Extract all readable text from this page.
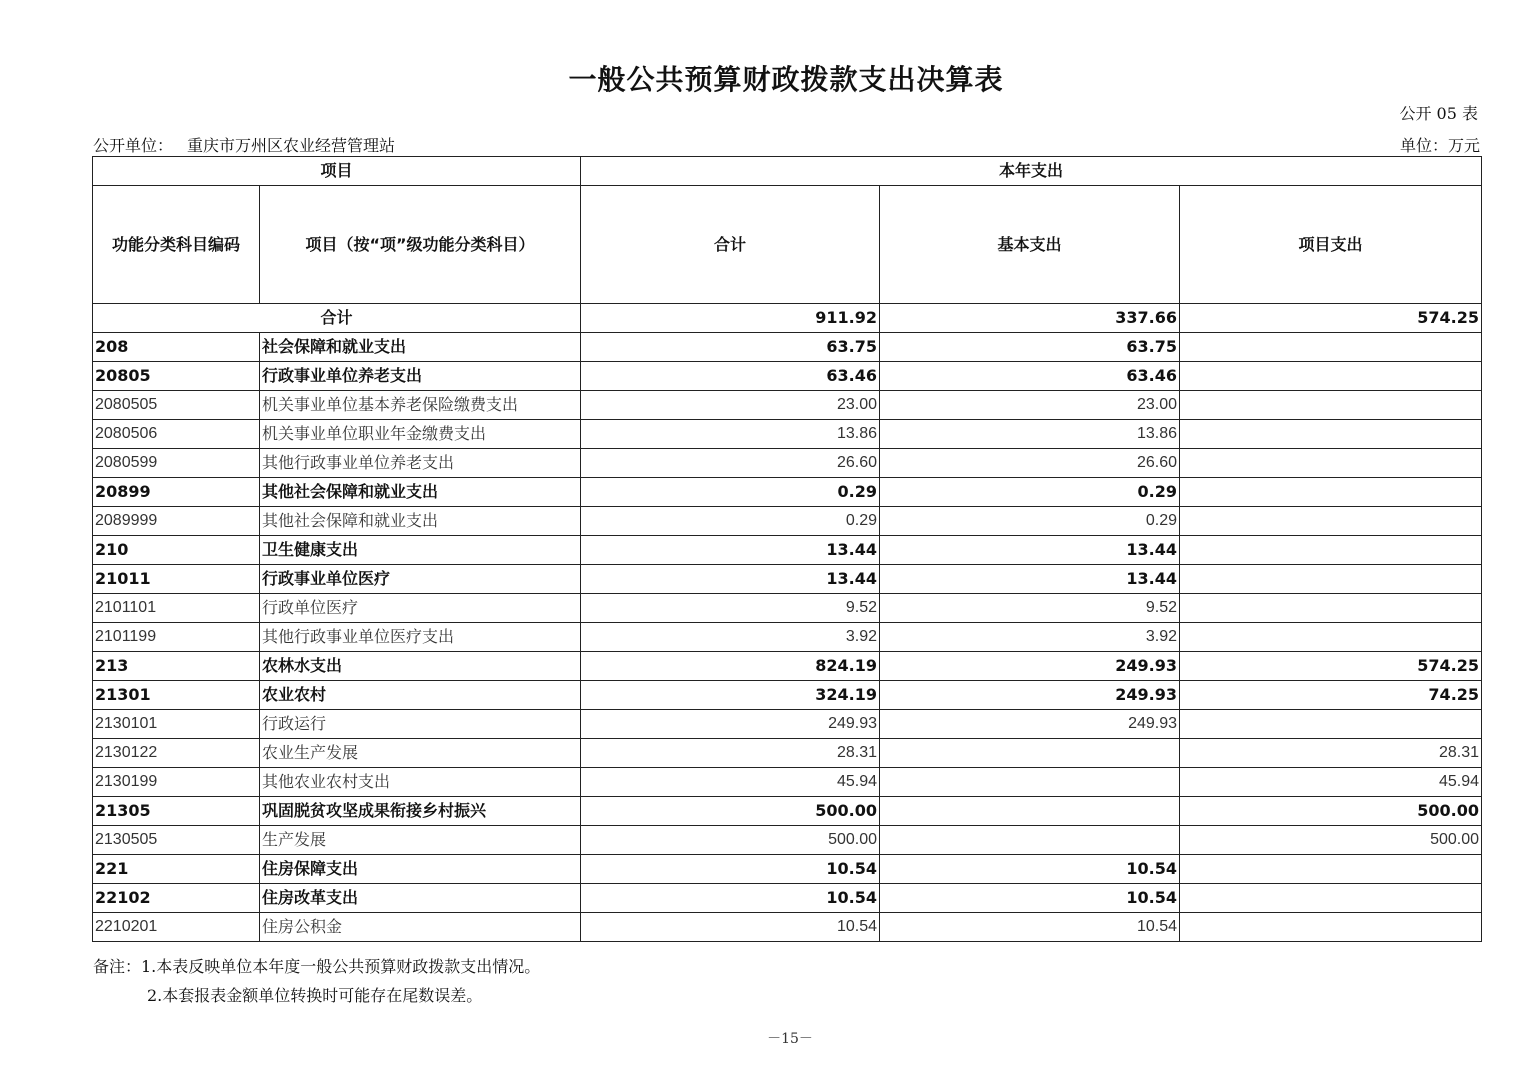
一般公共预算财政拨款支出决算表
公开 05 表
公开单位： 重庆市万州区农业经营管理站	单位：万元
项目		本年支出		
功能分类科目编码	项目（按“项”级功能分类科目）	合计	基本支出	项目支出
合计		911.92	337.66	574.25
208	社会保障和就业支出	63.75	63.75	
20805	行政事业单位养老支出	63.46	63.46	
2080505	机关事业单位基本养老保险缴费支出	23.00	23.00	
2080506	机关事业单位职业年金缴费支出	13.86	13.86	
2080599	其他行政事业单位养老支出	26.60	26.60	
20899	其他社会保障和就业支出	0.29	0.29	
2089999	其他社会保障和就业支出	0.29	0.29	
210	卫生健康支出	13.44	13.44	
21011	行政事业单位医疗	13.44	13.44	
2101101	行政单位医疗	9.52	9.52	
2101199	其他行政事业单位医疗支出	3.92	3.92	
213	农林水支出	824.19	249.93	574.25
21301	农业农村	324.19	249.93	74.25
2130101	行政运行	249.93	249.93	
2130122	农业生产发展	28.31		28.31
2130199	其他农业农村支出	45.94		45.94
21305	巩固脱贫攻坚成果衔接乡村振兴	500.00		500.00
2130505	生产发展	500.00		500.00
221	住房保障支出	10.54	10.54	
22102	住房改革支出	10.54	10.54	
2210201	住房公积金	10.54	10.54	
备注：1.本表反映单位本年度一般公共预算财政拨款支出情况。
2.本套报表金额单位转换时可能存在尾数误差。
－15－
